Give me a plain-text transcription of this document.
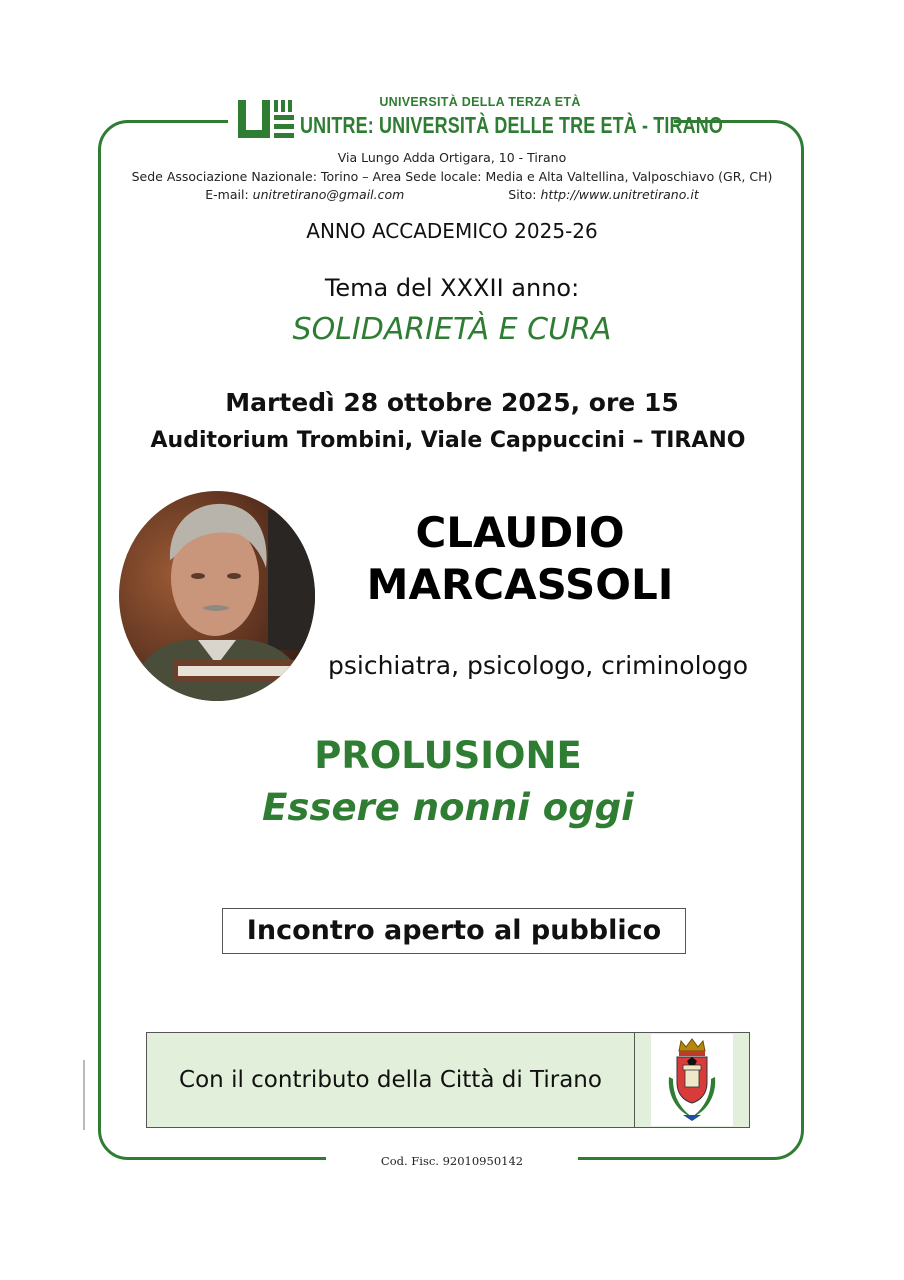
UNIVERSITÀ DELLA TERZA ETÀ
UNITRE: UNIVERSITÀ DELLE TRE ETÀ - TIRANO
Via Lungo Adda Ortigara, 10 - Tirano
Sede Associazione Nazionale: Torino – Area Sede locale: Media e Alta Valtellina, Valposchiavo (GR, CH)
E-mail: unitretirano@gmail.com	Sito: http://www.unitretirano.it
ANNO ACCADEMICO 2025-26
Tema del XXXII anno:
SOLIDARIETÀ E CURA
Martedì 28 ottobre 2025, ore 15
Auditorium Trombini, Viale Cappuccini – TIRANO
CLAUDIO
MARCASSOLI
psichiatra, psicologo, criminologo
PROLUSIONE
Essere nonni oggi
Incontro aperto al pubblico
Con il contributo della Città di Tirano
Cod. Fisc. 92010950142
